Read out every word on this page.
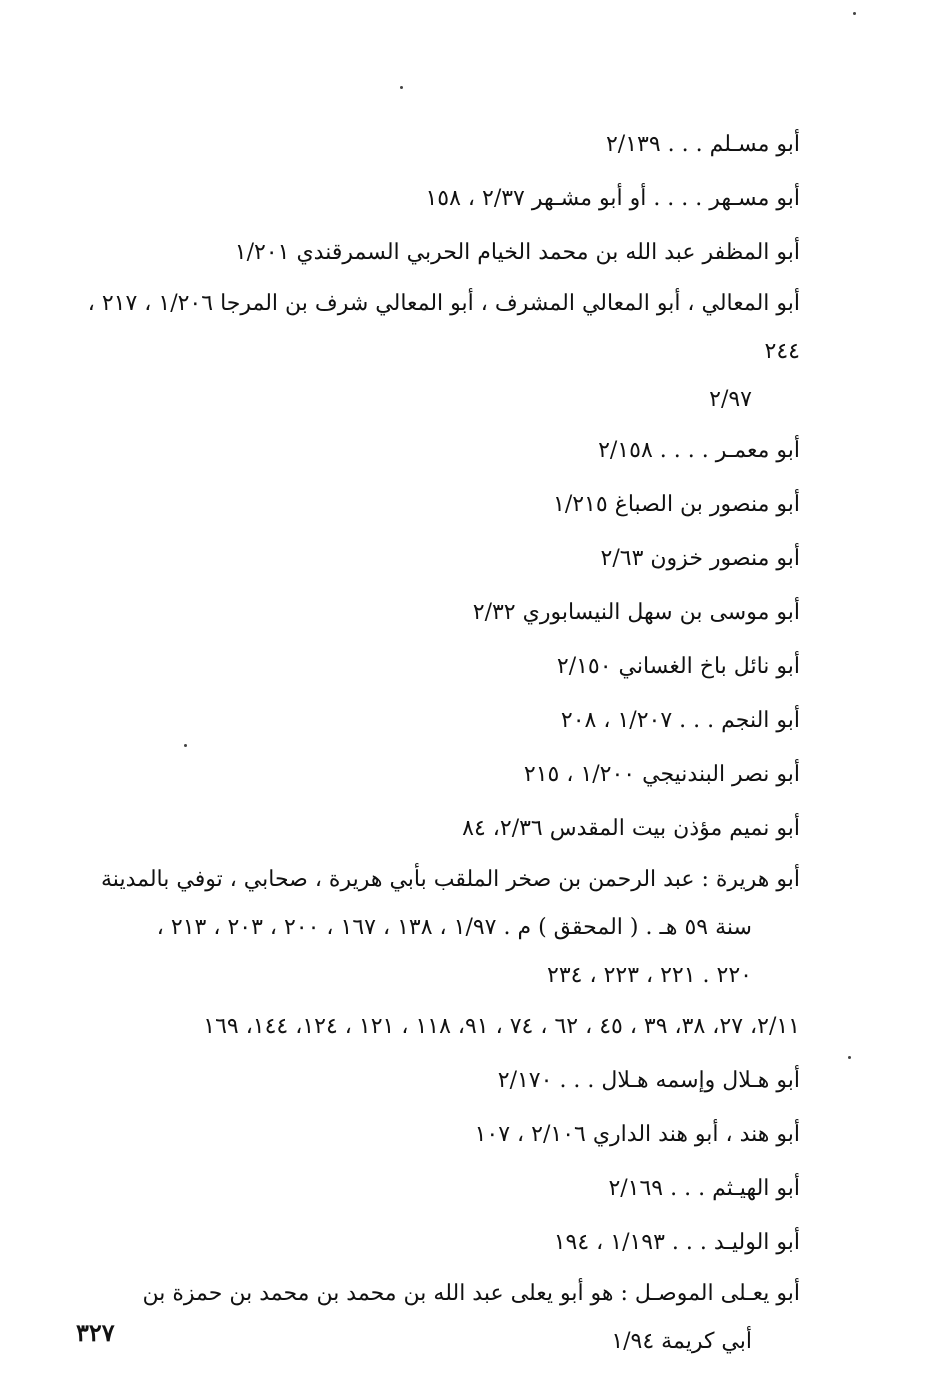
أبو مسـلم . . . ٢/١٣٩
أبو مسـهر . . . . أو أبو مشـهر ٢/٣٧ ، ١٥٨
أبو المظفر عبد الله بن محمد الخيام الحربي السمرقندي ١/٢٠١
أبو المعالي ، أبو المعالي المشرف ، أبو المعالي شرف بن المرجا ١/٢٠٦ ، ٢١٧ ، ٢٤٤
٢/٩٧
أبو معمـر . . . . ٢/١٥٨
أبو منصور بن الصباغ ١/٢١٥
أبو منصور خزون ٢/٦٣
أبو موسى بن سهل النيسابوري ٢/٣٢
أبو نائل باخ الغساني ٢/١٥٠
أبو النجم . . . ١/٢٠٧ ، ٢٠٨
أبو نصر البندنيجي ١/٢٠٠ ، ٢١٥
أبو نميم مؤذن بيت المقدس ٢/٣٦، ٨٤
أبو هريرة : عبد الرحمن بن صخر الملقب بأبي هريرة ، صحابي ، توفي بالمدينة
سنة ٥٩ هـ . ( المحقق ) م . ١/٩٧ ، ١٣٨ ، ١٦٧ ، ٢٠٠ ، ٢٠٣ ، ٢١٣ ،
٢٢٠ . ٢٢١ ، ٢٢٣ ، ٢٣٤
٢/١١، ٢٧، ٣٨، ٣٩ ، ٤٥ ، ٦٢ ، ٧٤ ، ٩١، ١١٨ ، ١٢١ ، ١٢٤، ١٤٤، ١٦٩
أبو هـلال وإسمه هـلال . . . ٢/١٧٠
أبو هند ، أبو هند الداري ٢/١٠٦ ، ١٠٧
أبو الهيـثم . . . ٢/١٦٩
أبو الوليـد . . . ١/١٩٣ ، ١٩٤
أبو يعـلى الموصـل : هو أبو يعلى عبد الله بن محمد بن محمد بن حمزة بن
أبي كريمة ١/٩٤
٣٢٧
